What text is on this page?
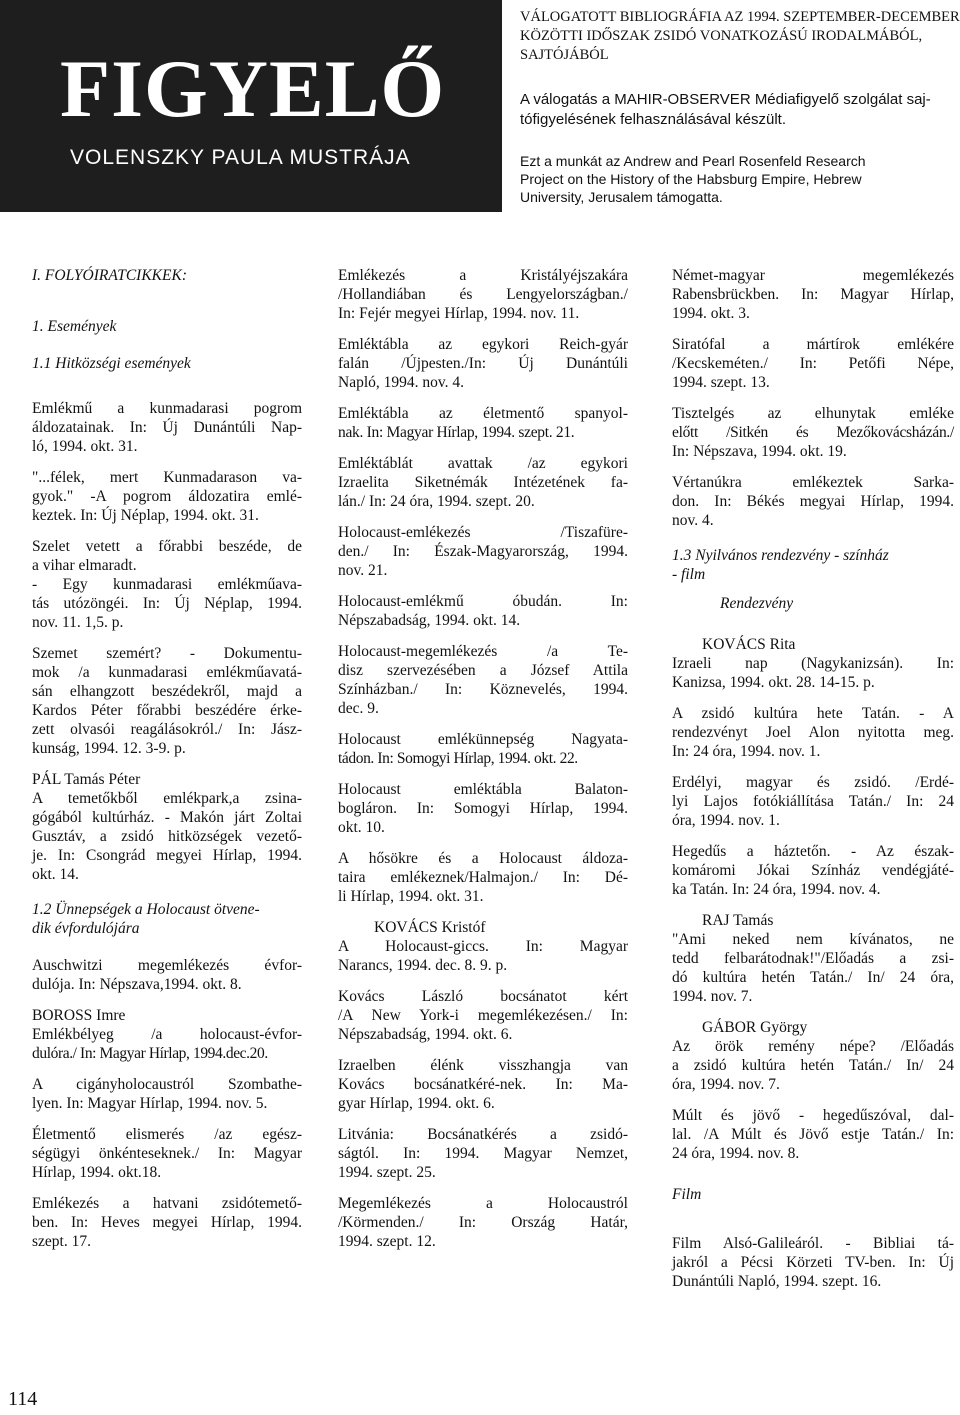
FIGYELŐ
VOLENSZKY PAULA MUSTRÁJA
VÁLOGATOTT BIBLIOGRÁFIA AZ 1994. SZEPTEMBER-DECEMBER
KÖZÖTTI IDŐSZAK ZSIDÓ VONATKOZÁSÚ IRODALMÁBÓL,
SAJTÓJÁBÓL
A válogatás a MAHIR-OBSERVER Médiafigyelő szolgálat saj-
tófigyelésének felhasználásával készült.
Ezt a munkát az Andrew and Pearl Rosenfeld Research
Project on the History of the Habsburg Empire, Hebrew
University, Jerusalem támogatta.
I. FOLYÓIRATCIKKEK:
1. Események
1.1 Hitközségi események
Emlékmű a kunmadarasi pogrom
áldozatainak. In: Új Dunántúli Nap-
ló, 1994. okt. 31.
"...félek, mert Kunmadarason va-
gyok." -A pogrom áldozatira emlé-
keztek. In: Új Néplap, 1994. okt. 31.
Szelet vetett a főrabbi beszéde, de
a vihar elmaradt.
- Egy kunmadarasi emlékműava-
tás utózöngéi. In: Új Néplap, 1994.
nov. 11. 1,5. p.
Szemet szemért? - Dokumentu-
mok /a kunmadarasi emlékműavatá-
sán elhangzott beszédekről, majd a
Kardos Péter főrabbi beszédére érke-
zett olvasói reagálásokról./ In: Jász-
kunság, 1994. 12. 3-9. p.
PÁL Tamás Péter
A temetőkből emlékpark,a zsina-
gógából kultúrház. - Makón járt Zoltai
Gusztáv, a zsidó hitközségek vezető-
je. In: Csongrád megyei Hírlap, 1994.
okt. 14.
1.2 Ünnepségek a Holocaust ötvene-
dik évfordulójára
Auschwitzi megemlékezés évfor-
dulója. In: Népszava,1994. okt. 8.
BOROSS Imre
Emlékbélyeg /a holocaust-évfor-
dulóra./ In: Magyar Hírlap, 1994.dec.20.
A cigányholocaustról Szombathe-
lyen. In: Magyar Hírlap, 1994. nov. 5.
Életmentő elismerés /az egész-
ségügyi önkénteseknek./ In: Magyar
Hírlap, 1994. okt.18.
Emlékezés a hatvani zsidótemető-
ben. In: Heves megyei Hírlap, 1994.
szept. 17.
Emlékezés a Kristályéjszakára
/Hollandiában és Lengyelországban./
In: Fejér megyei Hírlap, 1994. nov. 11.
Emléktábla az egykori Reich-gyár
falán /Újpesten./In: Új Dunántúli
Napló, 1994. nov. 4.
Emléktábla az életmentő spanyol-
nak. In: Magyar Hírlap, 1994. szept. 21.
Emléktáblát avattak /az egykori
Izraelita Siketnémák Intézetének fa-
lán./ In: 24 óra, 1994. szept. 20.
Holocaust-emlékezés /Tiszafüre-
den./ In: Észak-Magyarország, 1994.
nov. 21.
Holocaust-emlékmű óbudán. In:
Népszabadság, 1994. okt. 14.
Holocaust-megemlékezés /a Te-
disz szervezésében a József Attila
Színházban./ In: Köznevelés, 1994.
dec. 9.
Holocaust emlékünnepség Nagyata-
tádon. In: Somogyi Hírlap, 1994. okt. 22.
Holocaust emléktábla Balaton-
bogláron. In: Somogyi Hírlap, 1994.
okt. 10.
A hősökre és a Holocaust áldoza-
taira emlékeznek/Halmajon./ In: Dé-
li Hírlap, 1994. okt. 31.
KOVÁCS Kristóf
A Holocaust-giccs. In: Magyar
Narancs, 1994. dec. 8. 9. p.
Kovács László bocsánatot kért
/A New York-i megemlékezésen./ In:
Népszabadság, 1994. okt. 6.
Izraelben élénk visszhangja van
Kovács bocsánatkéré-nek. In: Ma-
gyar Hírlap, 1994. okt. 6.
Litvánia: Bocsánatkérés a zsidó-
ságtól. In: 1994. Magyar Nemzet,
1994. szept. 25.
Megemlékezés a Holocaustról
/Körmenden./ In: Ország Határ,
1994. szept. 12.
Német-magyar megemlékezés
Rabensbrückben. In: Magyar Hírlap,
1994. okt. 3.
Siratófal a mártírok emlékére
/Kecskeméten./ In: Petőfi Népe,
1994. szept. 13.
Tisztelgés az elhunytak emléke
előtt /Sitkén és Mezőkovácsházán./
In: Népszava, 1994. okt. 19.
Vértanúkra emlékeztek Sarka-
don. In: Békés megyai Hírlap, 1994.
nov. 4.
1.3 Nyilvános rendezvény - színház
- film
Rendezvény
KOVÁCS Rita
Izraeli nap (Nagykanizsán). In:
Kanizsa, 1994. okt. 28. 14-15. p.
A zsidó kultúra hete Tatán. - A
rendezvényt Joel Alon nyitotta meg.
In: 24 óra, 1994. nov. 1.
Erdélyi, magyar és zsidó. /Erdé-
lyi Lajos fotókiállítása Tatán./ In: 24
óra, 1994. nov. 1.
Hegedűs a háztetőn. - Az észak-
komáromi Jókai Színház vendégjáté-
ka Tatán. In: 24 óra, 1994. nov. 4.
RAJ Tamás
"Ami neked nem kívánatos, ne
tedd felbarátodnak!"/Előadás a zsi-
dó kultúra hetén Tatán./ In/ 24 óra,
1994. nov. 7.
GÁBOR György
Az örök remény népe? /Előadás
a zsidó kultúra hetén Tatán./ In/ 24
óra, 1994. nov. 7.
Múlt és jövő - hegedűszóval, dal-
lal. /A Múlt és Jövő estje Tatán./ In:
24 óra, 1994. nov. 8.
Film
Film Alsó-Galileáról. - Bibliai tá-
jakról a Pécsi Körzeti TV-ben. In: Új
Dunántúli Napló, 1994. szept. 16.
114
